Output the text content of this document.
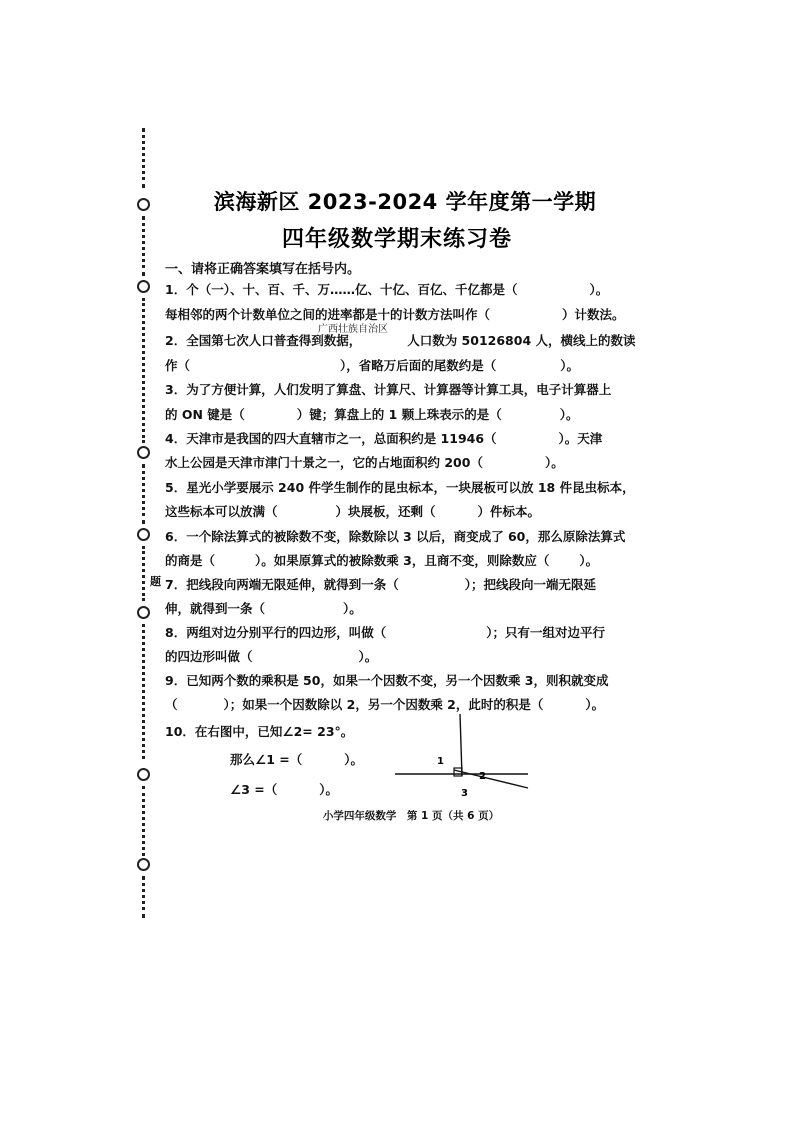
滨海新区 2023-2024 学年度第一学期
四年级数学期末练习卷
一、请将正确答案填写在括号内。
1．个（一）、十、百、千、万……亿、十亿、百亿、千亿都是（	）。
每相邻的两个计数单位之间的进率都是十的计数方法叫作（	）计数法。
广西壮族自治区
2．全国第七次人口普查得到数据，	人口数为 50126804 人，横线上的数读
作（	），省略万后面的尾数约是（	）。
3．为了方便计算，人们发明了算盘、计算尺、计算器等计算工具，电子计算器上
的 ON 键是（	）键；算盘上的 1 颗上珠表示的是（	）。
4．天津市是我国的四大直辖市之一，总面积约是 11946（	）。天津
水上公园是天津市津门十景之一，它的占地面积约 200（	）。
5．星光小学要展示 240 件学生制作的昆虫标本，一块展板可以放 18 件昆虫标本，
这些标本可以放满（	）块展板，还剩（	）件标本。
6．一个除法算式的被除数不变，除数除以 3 以后，商变成了 60，那么原除法算式
的商是（	）。如果原算式的被除数乘 3，且商不变，则除数应（ ）。
题 7．把线段向两端无限延伸，就得到一条（	）；把线段向一端无限延
伸，就得到一条（	）。
8．两组对边分别平行的四边形，叫做（	）；只有一组对边平行
的四边形叫做（	）。
9．已知两个数的乘积是 50，如果一个因数不变，另一个因数乘 3，则积就变成
（	）；如果一个因数除以 2，另一个因数乘 2，此时的积是（	）。
10．在右图中，已知∠2= 23°。
那么∠1 =（	）。
∠3 =（	）。
1
2
3
小学四年级数学　第 1 页（共 6 页）
